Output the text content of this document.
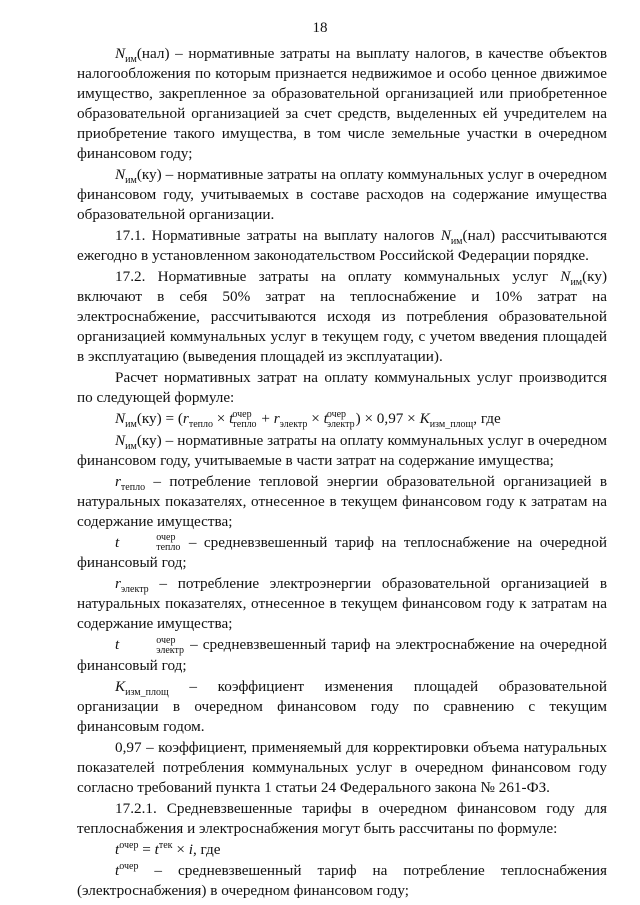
18

$N_{им}(нал)$ – нормативные затраты на выплату налогов, в качестве объектов налогообложения по которым признается недвижимое и особо ценное движимое имущество, закрепленное за образовательной организацией или приобретенное образовательной организацией за счет средств, выделенных ей учредителем на приобретение такого имущества, в том числе земельные участки в очередном финансовом году;

$N_{им}(ку)$ – нормативные затраты на оплату коммунальных услуг в очередном финансовом году, учитываемых в составе расходов на содержание имущества образовательной организации.

17.1. Нормативные затраты на выплату налогов $N_{им}(нал)$ рассчитываются ежегодно в установленном законодательством Российской Федерации порядке.

17.2. Нормативные затраты на оплату коммунальных услуг $N_{им}(ку)$ включают в себя 50% затрат на теплоснабжение и 10% затрат на электроснабжение, рассчитываются исходя из потребления образовательной организацией коммунальных услуг в текущем году, с учетом введения площадей в эксплуатацию (выведения площадей из эксплуатации).

Расчет нормативных затрат на оплату коммунальных услуг производится по следующей формуле:

$N_{им}(ку) = (r_{тепло} \times t$ очер
тепло + $r_{электр} \times t$ очер
электр ) × $0,97 \times K_{изм\_площ}$, где

$N_{им}(ку)$ – нормативные затраты на оплату коммунальных услуг в очередном финансовом году, учитываемые в части затрат на содержание имущества;

$r_{тепло}$ – потребление тепловой энергии образовательной организацией в натуральных показателях, отнесенное в текущем финансовом году к затратам на содержание имущества;

t	очер
тепло – средневзвешенный тариф на теплоснабжение на очередной финансовый год;

$r_{электр}$ – потребление электроэнергии образовательной организацией в натуральных показателях, отнесенное в текущем финансовом году к затратам на содержание имущества;

t	очер
электр – средневзвешенный тариф на электроснабжение на очередной финансовый год;

$K_{изм\_площ}$ – коэффициент изменения площадей образовательной организации в очередном финансовом году по сравнению с текущим финансовым годом.

0,97 – коэффициент, применяемый для корректировки объема натуральных показателей потребления коммунальных услуг в очередном финансовом году согласно требований пункта 1 статьи 24 Федерального закона № 261-ФЗ.

17.2.1. Средневзвешенные тарифы в очередном финансовом году для теплоснабжения и электроснабжения могут быть рассчитаны по формуле:

$t^{очер} = t^{тек} \times i$, где

$t^{очер}$ – средневзвешенный тариф на потребление теплоснабжения (электроснабжения) в очередном финансовом году;
